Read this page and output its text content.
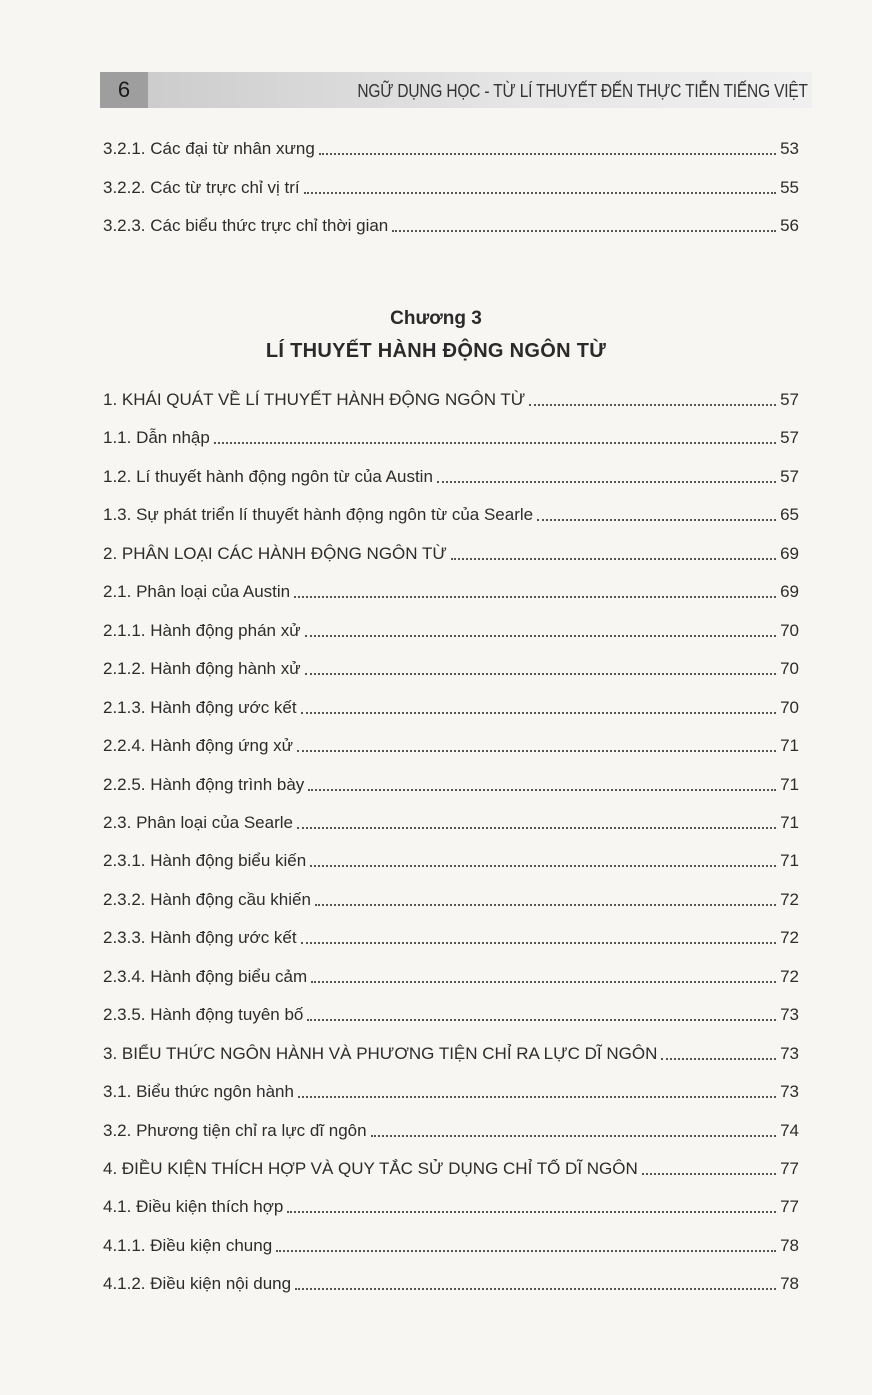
6	NGỮ DỤNG HỌC - TỪ LÍ THUYẾT ĐẾN THỰC TIỄN TIẾNG VIỆT
3.2.1. Các đại từ nhân xưng	53
3.2.2. Các từ trực chỉ vị trí	55
3.2.3. Các biểu thức trực chỉ thời gian	56
Chương 3
LÍ THUYẾT HÀNH ĐỘNG NGÔN TỪ
1. KHÁI QUÁT VỀ LÍ THUYẾT HÀNH ĐỘNG NGÔN TỪ	57
1.1. Dẫn nhập	57
1.2. Lí thuyết hành động ngôn từ của Austin	57
1.3. Sự phát triển lí thuyết hành động ngôn từ của Searle	65
2. PHÂN LOẠI CÁC HÀNH ĐỘNG NGÔN TỪ	69
2.1. Phân loại của Austin	69
2.1.1. Hành động phán xử	70
2.1.2. Hành động hành xử	70
2.1.3. Hành động ước kết	70
2.2.4. Hành động ứng xử	71
2.2.5. Hành động trình bày	71
2.3. Phân loại của Searle	71
2.3.1. Hành động biểu kiến	71
2.3.2. Hành động cầu khiến	72
2.3.3. Hành động ước kết	72
2.3.4. Hành động biểu cảm	72
2.3.5. Hành động tuyên bố	73
3. BIỂU THỨC NGÔN HÀNH VÀ PHƯƠNG TIỆN CHỈ RA LỰC DĨ NGÔN	73
3.1. Biểu thức ngôn hành	73
3.2. Phương tiện chỉ ra lực dĩ ngôn	74
4. ĐIỀU KIỆN THÍCH HỢP VÀ QUY TẮC SỬ DỤNG CHỈ TỐ DĨ NGÔN	77
4.1. Điều kiện thích hợp	77
4.1.1. Điều kiện chung	78
4.1.2. Điều kiện nội dung	78
